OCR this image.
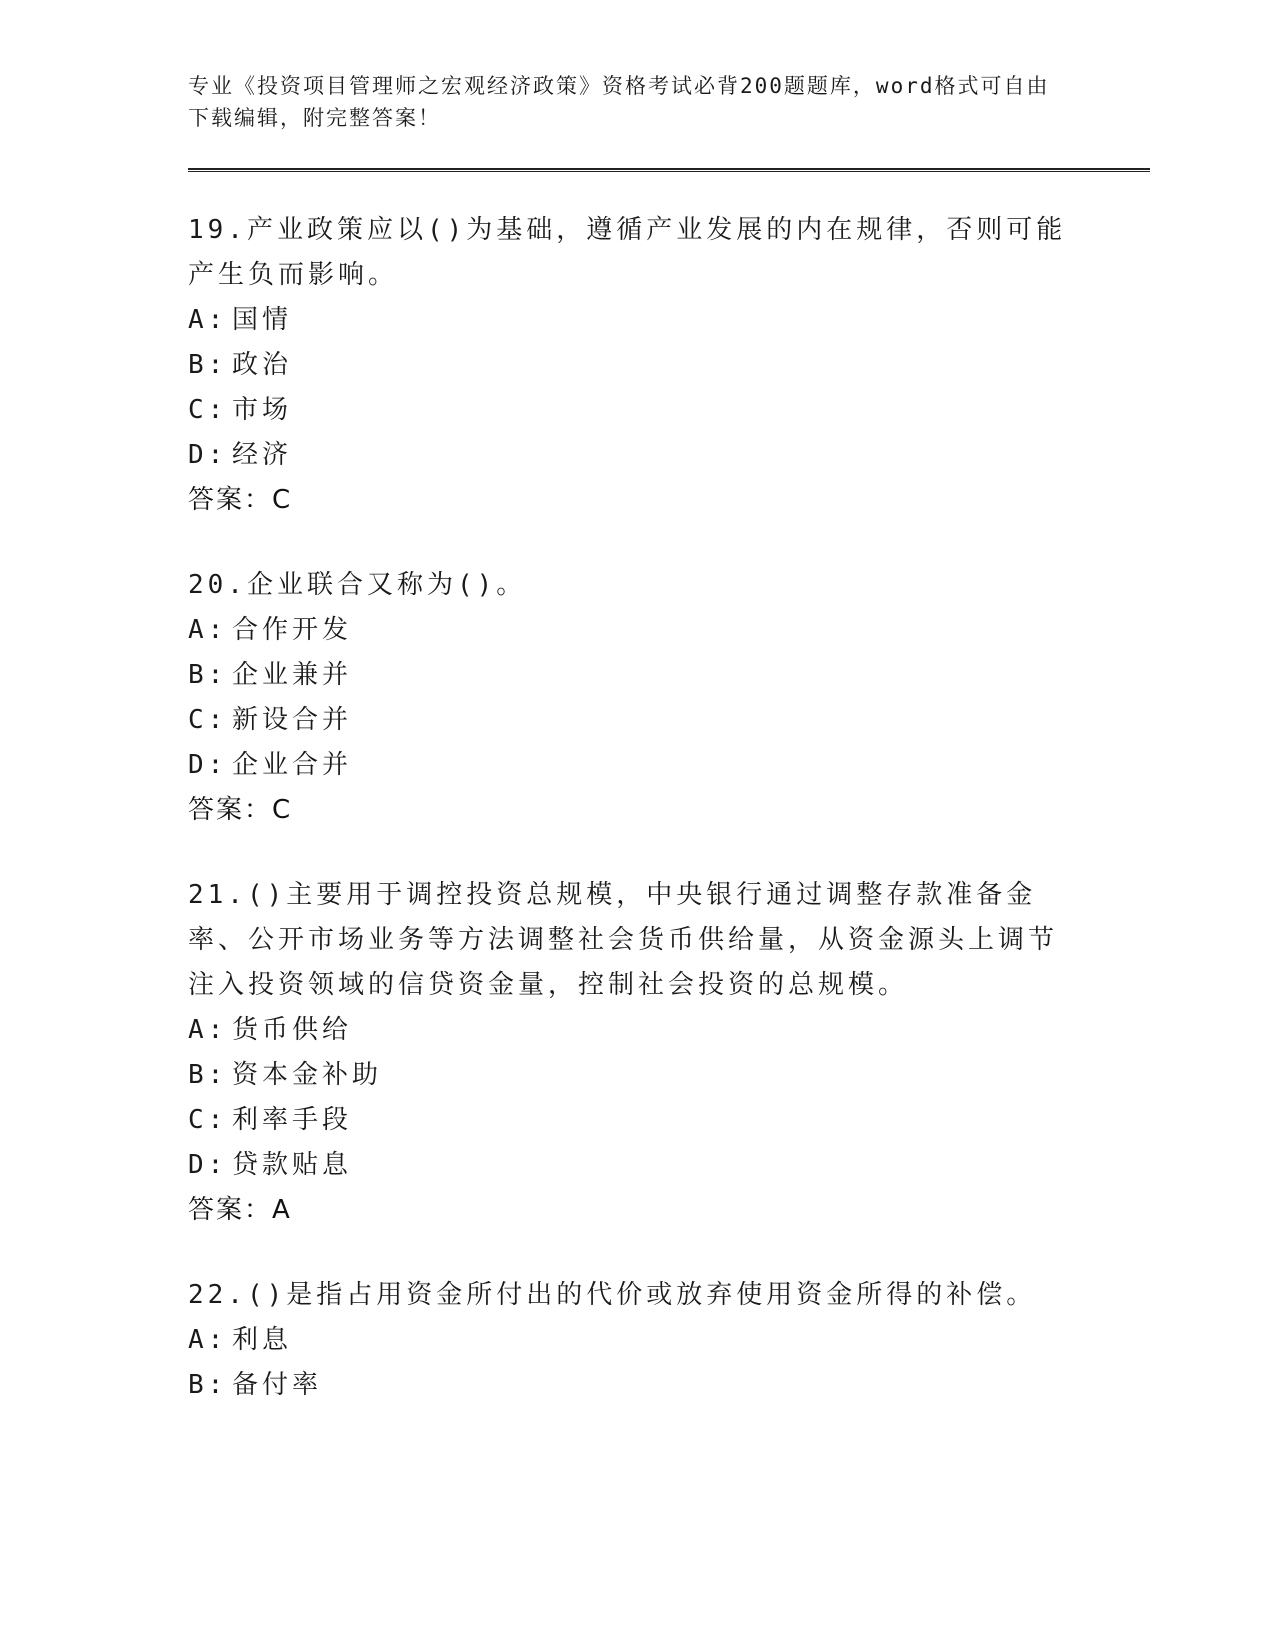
专业《投资项目管理师之宏观经济政策》资格考试必背200题题库，word格式可自由下载编辑，附完整答案！

19.产业政策应以()为基础，遵循产业发展的内在规律，否则可能产生负而影响。

A: 国情

B: 政治

C: 市场

D: 经济

答案：C

20.企业联合又称为()。

A: 合作开发

B: 企业兼并

C: 新设合并

D: 企业合并

答案：C

21.()主要用于调控投资总规模，中央银行通过调整存款准备金率、公开市场业务等方法调整社会货币供给量，从资金源头上调节注入投资领域的信贷资金量，控制社会投资的总规模。

A: 货币供给

B: 资本金补助

C: 利率手段

D: 贷款贴息

答案：A

22.()是指占用资金所付出的代价或放弃使用资金所得的补偿。

A: 利息

B: 备付率
